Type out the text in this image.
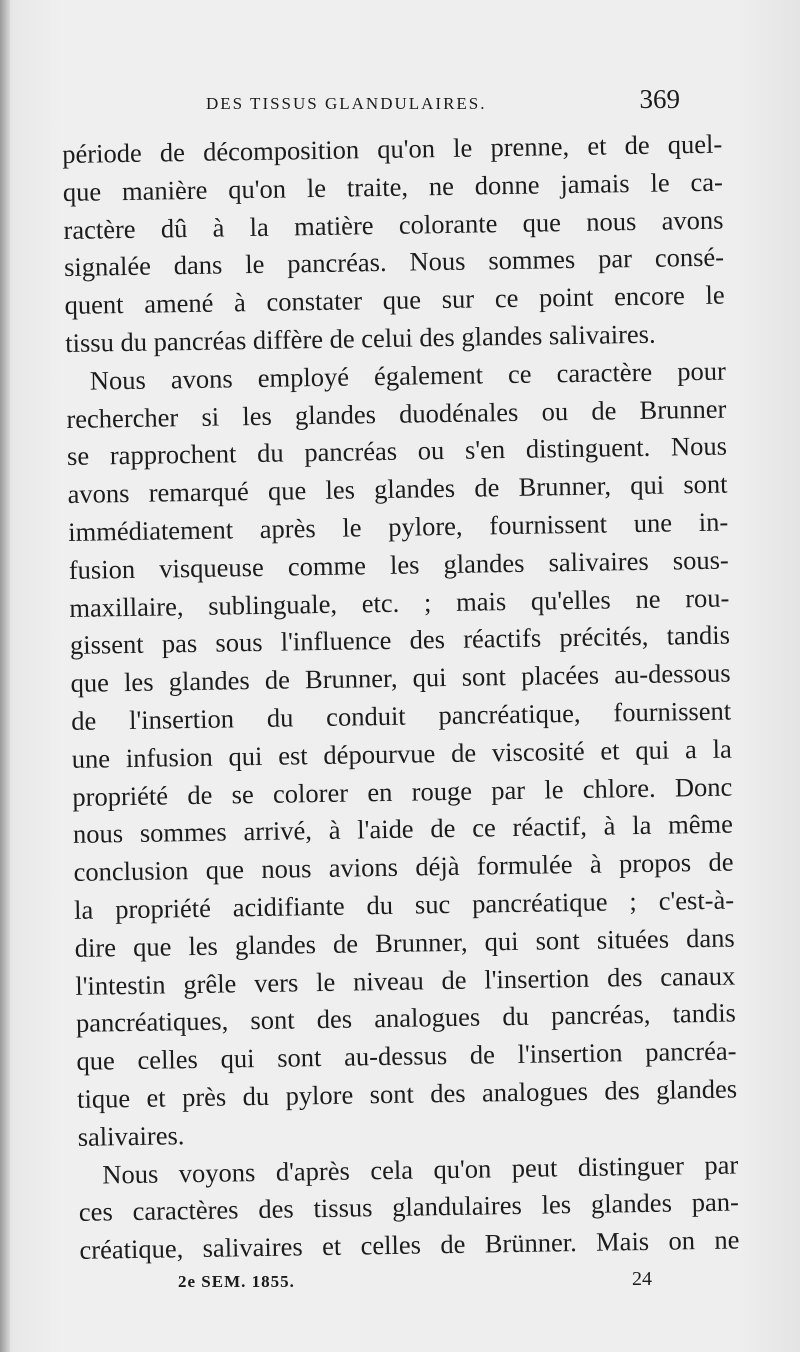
DES TISSUS GLANDULAIRES.	369
période de décomposition qu'on le prenne, et de quel-
que manière qu'on le traite, ne donne jamais le ca-
ractère dû à la matière colorante que nous avons
signalée dans le pancréas. Nous sommes par consé-
quent amené à constater que sur ce point encore le
tissu du pancréas diffère de celui des glandes salivaires.
Nous avons employé également ce caractère pour
rechercher si les glandes duodénales ou de Brunner
se rapprochent du pancréas ou s'en distinguent. Nous
avons remarqué que les glandes de Brunner, qui sont
immédiatement après le pylore, fournissent une in-
fusion visqueuse comme les glandes salivaires sous-
maxillaire, sublinguale, etc. ; mais qu'elles ne rou-
gissent pas sous l'influence des réactifs précités, tandis
que les glandes de Brunner, qui sont placées au-dessous
de l'insertion du conduit pancréatique, fournissent
une infusion qui est dépourvue de viscosité et qui a la
propriété de se colorer en rouge par le chlore. Donc
nous sommes arrivé, à l'aide de ce réactif, à la même
conclusion que nous avions déjà formulée à propos de
la propriété acidifiante du suc pancréatique ; c'est-à-
dire que les glandes de Brunner, qui sont situées dans
l'intestin grêle vers le niveau de l'insertion des canaux
pancréatiques, sont des analogues du pancréas, tandis
que celles qui sont au-dessus de l'insertion pancréa-
tique et près du pylore sont des analogues des glandes
salivaires.
Nous voyons d'après cela qu'on peut distinguer par
ces caractères des tissus glandulaires les glandes pan-
créatique, salivaires et celles de Brünner. Mais on ne
2e SEM. 1855.	24
